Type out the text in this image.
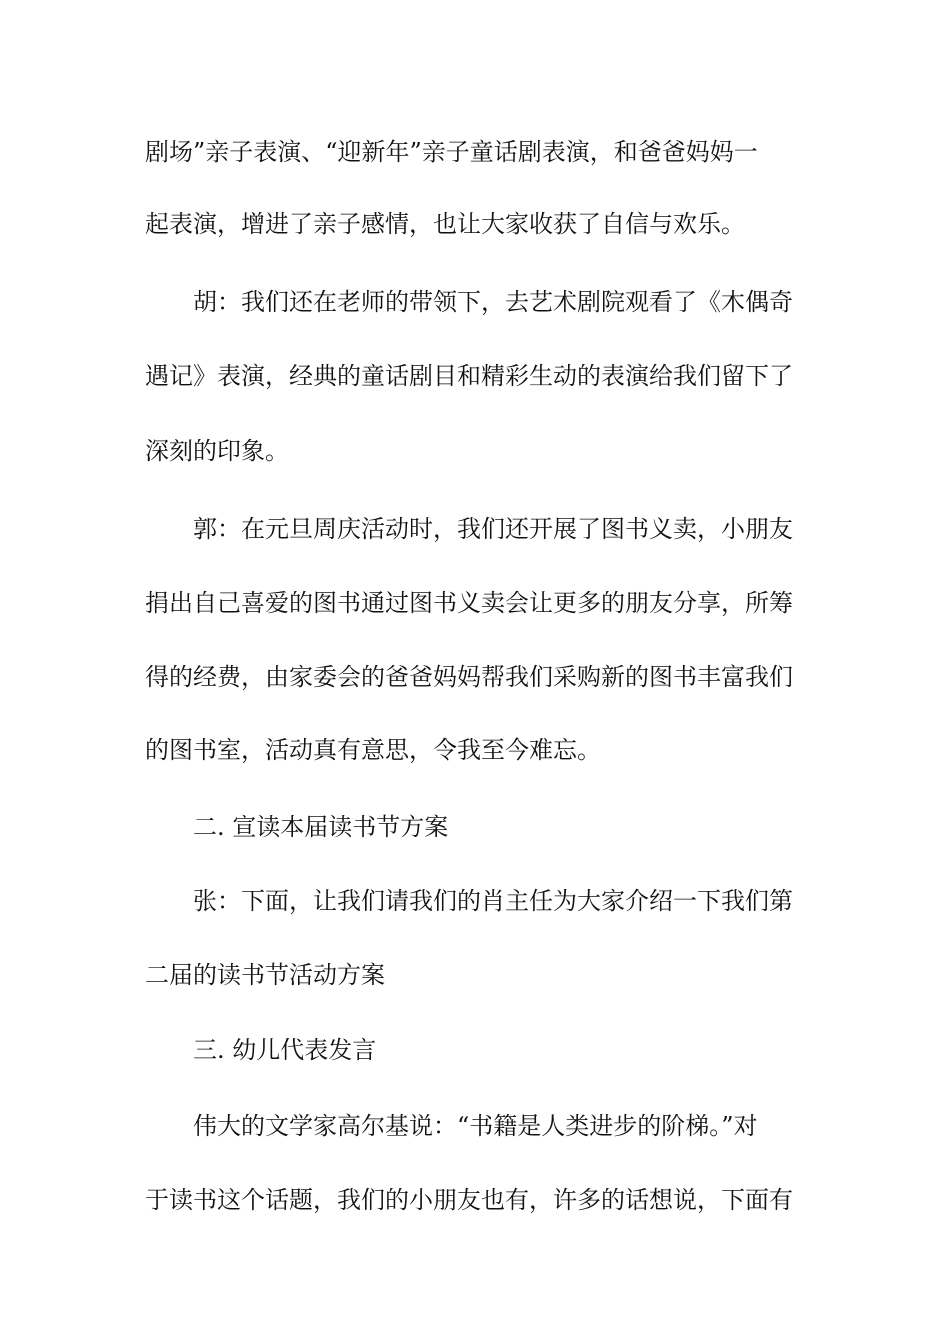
剧场”亲子表演、“迎新年”亲子童话剧表演，和爸爸妈妈一
起表演，增进了亲子感情，也让大家收获了自信与欢乐。
胡：我们还在老师的带领下，去艺术剧院观看了《木偶奇
遇记》表演，经典的童话剧目和精彩生动的表演给我们留下了
深刻的印象。
郭：在元旦周庆活动时，我们还开展了图书义卖，小朋友
捐出自己喜爱的图书通过图书义卖会让更多的朋友分享，所筹
得的经费，由家委会的爸爸妈妈帮我们采购新的图书丰富我们
的图书室，活动真有意思，令我至今难忘。
二. 宣读本届读书节方案
张：下面，让我们请我们的肖主任为大家介绍一下我们第
二届的读书节活动方案
三. 幼儿代表发言
伟大的文学家高尔基说：“书籍是人类进步的阶梯。”对
于读书这个话题，我们的小朋友也有，许多的话想说，下面有
